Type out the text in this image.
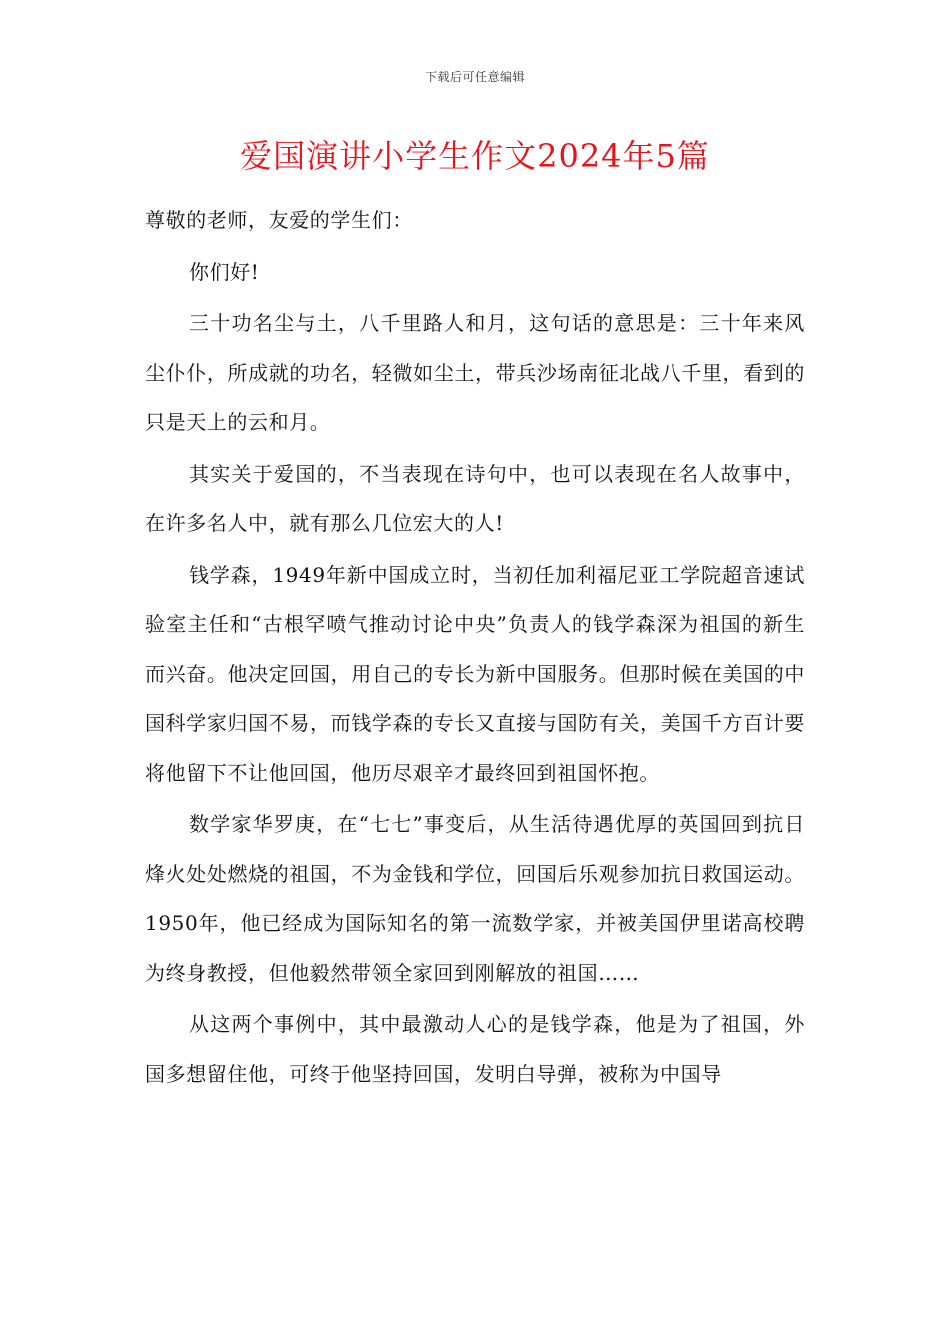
下载后可任意编辑
爱国演讲小学生作文2024年5篇

尊敬的老师，友爱的学生们：

你们好!

三十功名尘与土，八千里路人和月，这句话的意思是：三十年来风尘仆仆，所成就的功名，轻微如尘土，带兵沙场南征北战八千里，看到的只是天上的云和月。

其实关于爱国的，不当表现在诗句中，也可以表现在名人故事中，在许多名人中，就有那么几位宏大的人!

钱学森，1949年新中国成立时，当初任加利福尼亚工学院超音速试验室主任和“古根罕喷气推动讨论中央”负责人的钱学森深为祖国的新生而兴奋。他决定回国，用自己的专长为新中国服务。但那时候在美国的中国科学家归国不易，而钱学森的专长又直接与国防有关，美国千方百计要将他留下不让他回国，他历尽艰辛才最终回到祖国怀抱。

数学家华罗庚，在“七七”事变后，从生活待遇优厚的英国回到抗日烽火处处燃烧的祖国，不为金钱和学位，回国后乐观参加抗日救国运动。1950年，他已经成为国际知名的第一流数学家，并被美国伊里诺高校聘为终身教授，但他毅然带领全家回到刚解放的祖国……

从这两个事例中，其中最激动人心的是钱学森，他是为了祖国，外国多想留住他，可终于他坚持回国，发明白导弹，被称为中国导
